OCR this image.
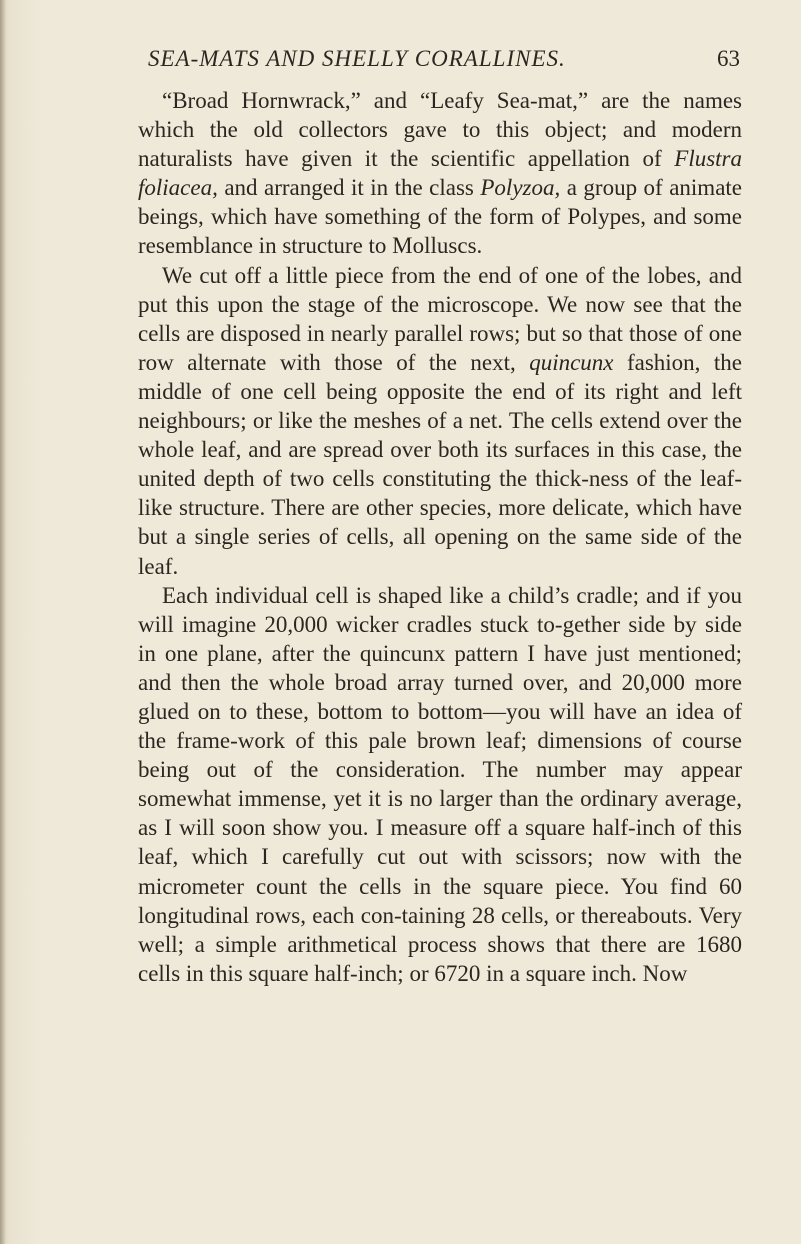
SEA-MATS AND SHELLY CORALLINES.	63

“Broad Hornwrack,” and “Leafy Sea-mat,” are the names which the old collectors gave to this object; and modern naturalists have given it the scientific appellation of Flustra foliacea, and arranged it in the class Polyzoa, a group of animate beings, which have something of the form of Polypes, and some resemblance in structure to Molluscs.

We cut off a little piece from the end of one of the lobes, and put this upon the stage of the microscope. We now see that the cells are disposed in nearly parallel rows; but so that those of one row alternate with those of the next, quincunx fashion, the middle of one cell being opposite the end of its right and left neighbours; or like the meshes of a net. The cells extend over the whole leaf, and are spread over both its surfaces in this case, the united depth of two cells constituting the thick-ness of the leaf-like structure. There are other species, more delicate, which have but a single series of cells, all opening on the same side of the leaf.

Each individual cell is shaped like a child’s cradle; and if you will imagine 20,000 wicker cradles stuck to-gether side by side in one plane, after the quincunx pattern I have just mentioned; and then the whole broad array turned over, and 20,000 more glued on to these, bottom to bottom—you will have an idea of the frame-work of this pale brown leaf; dimensions of course being out of the consideration. The number may appear somewhat immense, yet it is no larger than the ordinary average, as I will soon show you. I measure off a square half-inch of this leaf, which I carefully cut out with scissors; now with the micrometer count the cells in the square piece. You find 60 longitudinal rows, each con-taining 28 cells, or thereabouts. Very well; a simple arithmetical process shows that there are 1680 cells in this square half-inch; or 6720 in a square inch. Now
